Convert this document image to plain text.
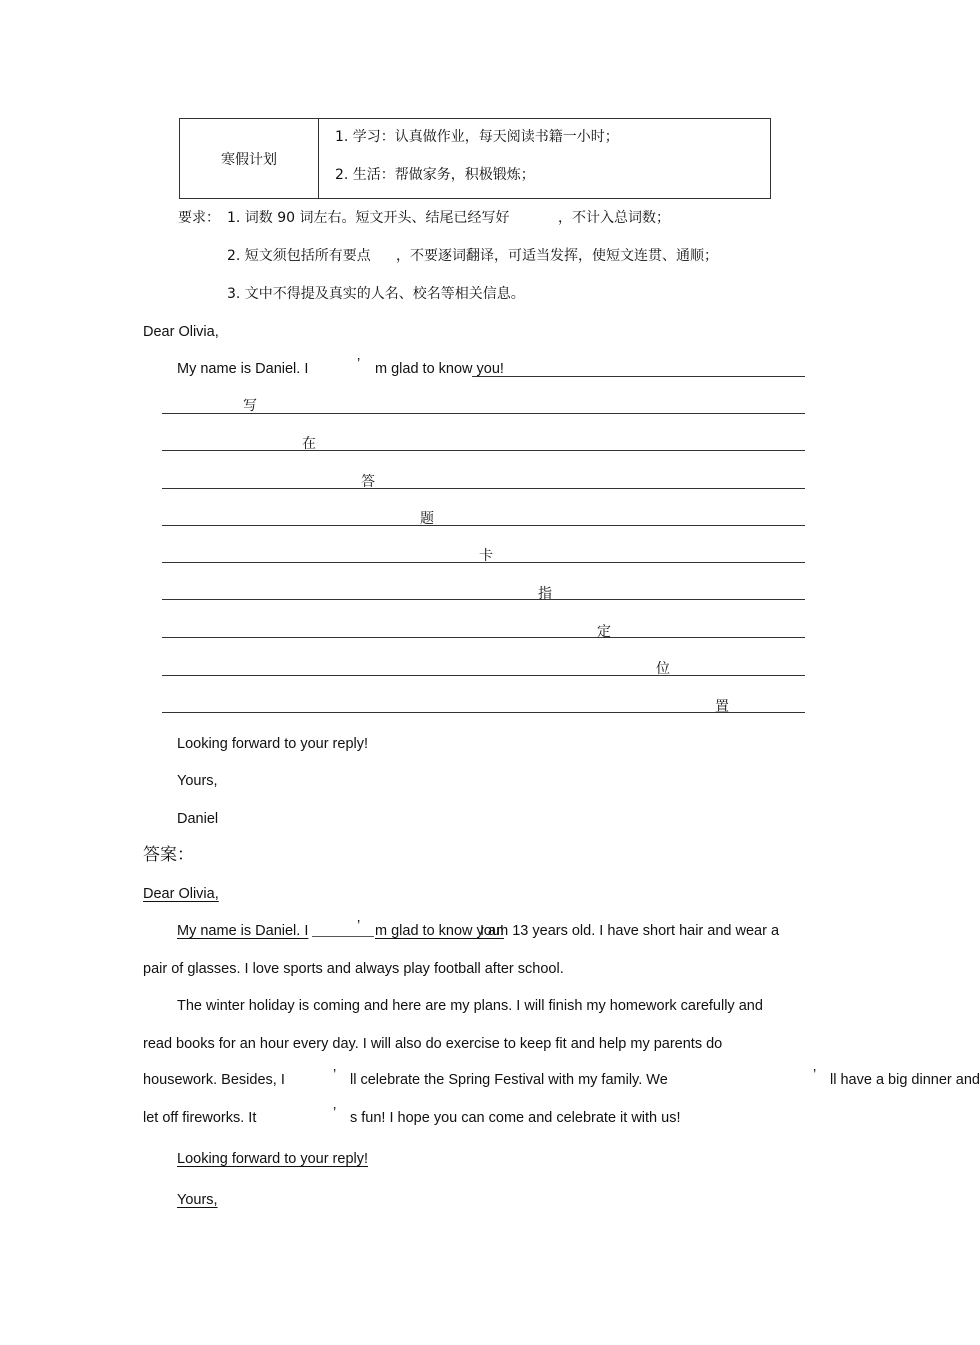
寒假计划
1. 学习：认真做作业，每天阅读书籍一小时；
2. 生活：帮做家务，积极锻炼；
要求： 1. 词数 90 词左右。短文开头、结尾已经写好	，不计入总词数；
2. 短文须包括所有要点 ，不要逐词翻译，可适当发挥，使短文连贯、通顺；
3. 文中不得提及真实的人名、校名等相关信息。
Dear Olivia,
My name is Daniel. I	’ m glad to know you!
写
在
答
题
卡
指
定
位
置
Looking forward to your reply!
Yours,
Daniel
答案：
Dear Olivia,
My name is Daniel. I	’ m glad to know you!
I am 13 years old. I have short hair and wear a
pair of glasses. I love sports and always play football after school.
The winter holiday is coming and here are my plans. I will finish my homework carefully and
read books for an hour every day. I will also do exercise to keep fit and help my parents do
housework. Besides, I	’ ll celebrate the Spring Festival with my family. We	’ ll have a big dinner and
let off fireworks. It	’ s fun! I hope you can come and celebrate it with us!
Looking forward to your reply!
Yours,
